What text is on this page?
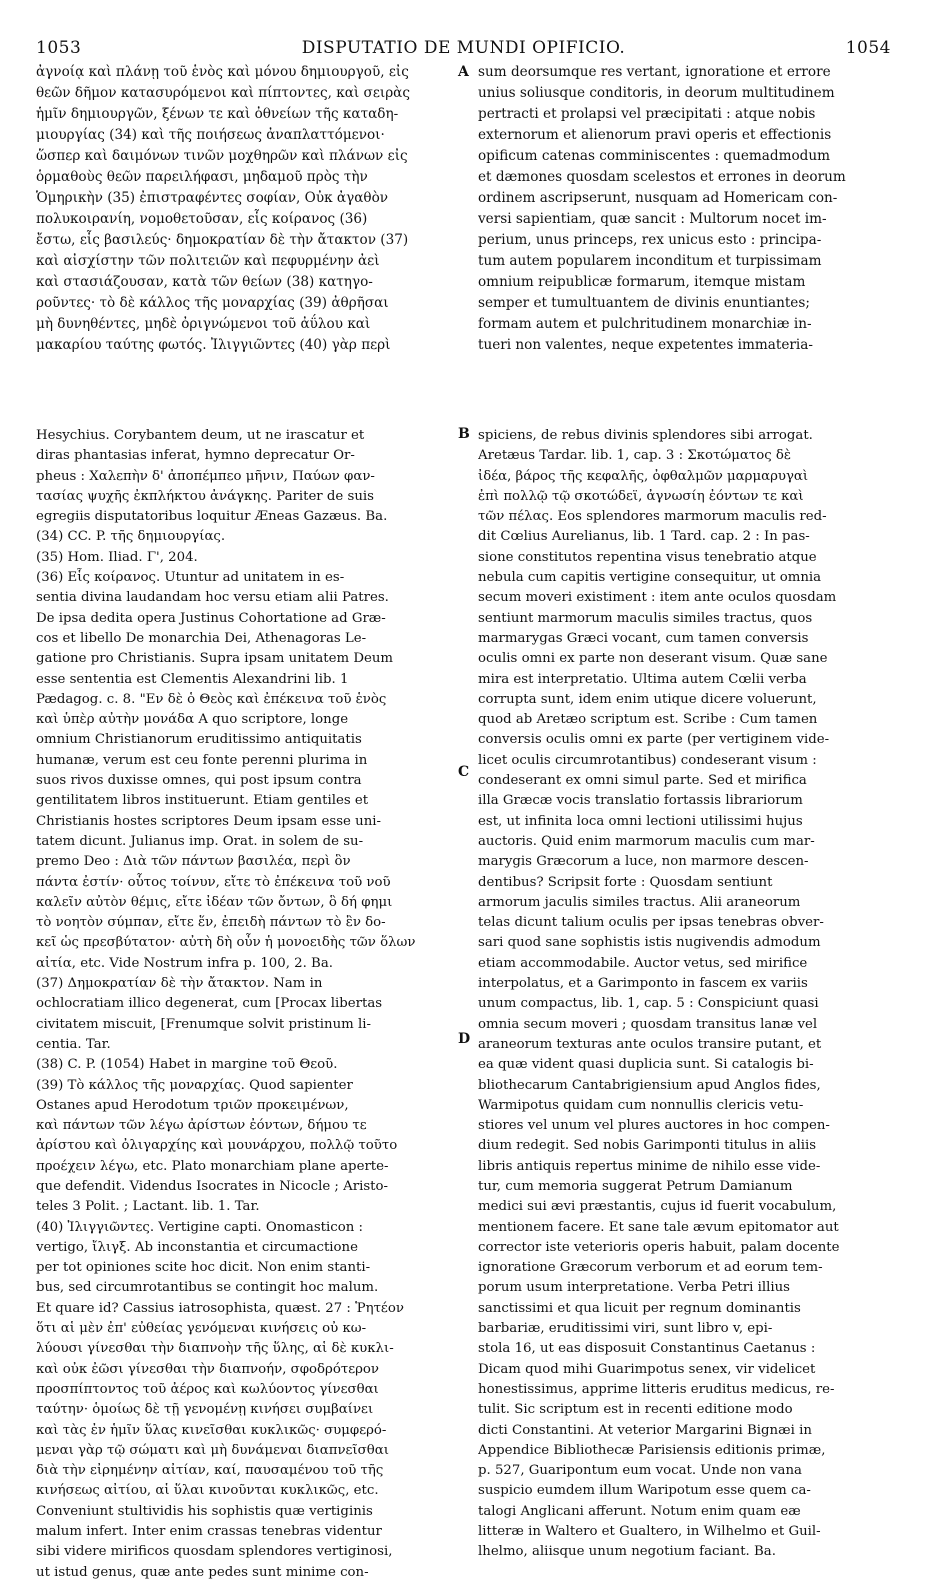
1053	DISPUTATIO DE MUNDI OPIFICIO.	1054
A
B
C
D
ἀγνοίᾳ καὶ πλάνῃ τοῦ ἑνὸς καὶ μόνου δημιουργοῦ, εἰς
θεῶν δῆμον κατασυρόμενοι καὶ πίπτοντες, καὶ σειρὰς
ἡμῖν δημιουργῶν, ξένων τε καὶ ὀθνείων τῆς καταδη-
μιουργίας (34) καὶ τῆς ποιήσεως ἀναπλαττόμενοι·
ὥσπερ καὶ δαιμόνων τινῶν μοχθηρῶν καὶ πλάνων εἰς
ὁρμαθοὺς θεῶν παρειλήφασι, μηδαμοῦ πρὸς τὴν
Ὁμηρικὴν (35) ἐπιστραφέντες σοφίαν, Οὐκ ἀγαθὸν
πολυκοιρανίη, νομοθετοῦσαν, εἷς κοίρανος (36)
ἔστω, εἷς βασιλεύς· δημοκρατίαν δὲ τὴν ἄτακτον (37)
καὶ αἰσχίστην τῶν πολιτειῶν καὶ πεφυρμένην ἀεὶ
καὶ στασιάζουσαν, κατὰ τῶν θείων (38) κατηγο-
ροῦντες· τὸ δὲ κάλλος τῆς μοναρχίας (39) ἀθρῆσαι
μὴ δυνηθέντες, μηδὲ ὀριγνώμενοι τοῦ ἀΰλου καὶ
μακαρίου ταύτης φωτός. Ἰλιγγιῶντες (40) γὰρ περὶ
sum deorsumque res vertant, ignoratione et errore
unius soliusque conditoris, in deorum multitudinem
pertracti et prolapsi vel præcipitati : atque nobis
externorum et alienorum pravi operis et effectionis
opificum catenas comminiscentes : quemadmodum
et dæmones quosdam scelestos et errones in deorum
ordinem ascripserunt, nusquam ad Homericam con-
versi sapientiam, quæ sancit : Multorum nocet im-
perium, unus princeps, rex unicus esto : principa-
tum autem popularem inconditum et turpissimam
omnium reipublicæ formarum, itemque mistam
semper et tumultuantem de divinis enuntiantes;
formam autem et pulchritudinem monarchiæ in-
tueri non valentes, neque expetentes immateria-
Hesychius. Corybantem deum, ut ne irascatur et
diras phantasias inferat, hymno deprecatur Or-
pheus : Χαλεπὴν δ' ἀποπέμπεο μῆνιν, Παύων φαν-
τασίας ψυχῆς ἐκπλήκτου ἀνάγκης. Pariter de suis
egregiis disputatoribus loquitur Æneas Gazæus. Ba.
(34) CC. P. τῆς δημιουργίας.
(35) Hom. Iliad. Γ', 204.
(36) Εἷς κοίρανος. Utuntur ad unitatem in es-
sentia divina laudandam hoc versu etiam alii Patres.
De ipsa dedita opera Justinus Cohortatione ad Græ-
cos et libello De monarchia Dei, Athenagoras Le-
gatione pro Christianis. Supra ipsam unitatem Deum
esse sententia est Clementis Alexandrini lib. 1
Pædagog. c. 8. "Εν δὲ ὁ Θεὸς καὶ ἐπέκεινα τοῦ ἑνὸς
καὶ ὑπὲρ αὐτὴν μονάδα A quo scriptore, longe
omnium Christianorum eruditissimo antiquitatis
humanæ, verum est ceu fonte perenni plurima in
suos rivos duxisse omnes, qui post ipsum contra
gentilitatem libros instituerunt. Etiam gentiles et
Christianis hostes scriptores Deum ipsam esse uni-
tatem dicunt. Julianus imp. Orat. in solem de su-
premo Deo : Διὰ τῶν πάντων βασιλέα, περὶ ὃν
πάντα ἐστίν· οὗτος τοίνυν, εἴτε τὸ ἐπέκεινα τοῦ νοῦ
καλεῖν αὐτὸν θέμις, εἴτε ἰδέαν τῶν ὄντων, ὃ δή φημι
τὸ νοητὸν σύμπαν, εἴτε ἕν, ἐπειδὴ πάντων τὸ ἓν δο-
κεῖ ὡς πρεσβύτατον· αὐτὴ δὴ οὖν ἡ μονοειδὴς τῶν ὅλων
αἰτία, etc. Vide Nostrum infra p. 100, 2. Ba.
(37) Δημοκρατίαν δὲ τὴν ἄτακτον. Nam in
ochlocratiam illico degenerat, cum [Procax libertas
civitatem miscuit, [Frenumque solvit pristinum li-
centia. Tar.
(38) C. P. (1054) Habet in margine τοῦ Θεοῦ.
(39) Τὸ κάλλος τῆς μοναρχίας. Quod sapienter
Ostanes apud Herodotum τριῶν προκειμένων,
καὶ πάντων τῶν λέγω ἀρίστων ἐόντων, δήμου τε
ἀρίστου καὶ ὀλιγαρχίης καὶ μουνάρχου, πολλῷ τοῦτο
προέχειν λέγω, etc. Plato monarchiam plane aperte-
que defendit. Videndus Isocrates in Nicocle ; Aristo-
teles 3 Polit. ; Lactant. lib. 1. Tar.
(40) Ἰλιγγιῶντες. Vertigine capti. Onomasticon :
vertigo, ἴλιγξ. Ab inconstantia et circumactione
per tot opiniones scite hoc dicit. Non enim stanti-
bus, sed circumrotantibus se contingit hoc malum.
Et quare id? Cassius iatrosophista, quæst. 27 : Ῥητέον
ὅτι αἱ μὲν ἐπ' εὐθείας γενόμεναι κινήσεις οὐ κω-
λύουσι γίνεσθαι τὴν διαπνοὴν τῆς ὕλης, αἱ δὲ κυκλι-
καὶ οὐκ ἐῶσι γίνεσθαι τὴν διαπνοήν, σφοδρότερον
προσπίπτοντος τοῦ ἀέρος καὶ κωλύοντος γίνεσθαι
ταύτην· ὁμοίως δὲ τῇ γενομένῃ κινήσει συμβαίνει
καὶ τὰς ἐν ἡμῖν ὕλας κινεῖσθαι κυκλικῶς· συμφερό-
μεναι γὰρ τῷ σώματι καὶ μὴ δυνάμεναι διαπνεῖσθαι
διὰ τὴν εἰρημένην αἰτίαν, καί, παυσαμένου τοῦ τῆς
κινήσεως αἰτίου, αἱ ὕλαι κινοῦνται κυκλικῶς, etc.
Conveniunt stultividis his sophistis quæ vertiginis
malum infert. Inter enim crassas tenebras videntur
sibi videre mirificos quosdam splendores vertiginosi,
ut istud genus, quæ ante pedes sunt minime con-
spiciens, de rebus divinis splendores sibi arrogat.
Aretæus Tardar. lib. 1, cap. 3 : Σκοτώματος δὲ
ἰδέα, βάρος τῆς κεφαλῆς, ὀφθαλμῶν μαρμαρυγαὶ
ἐπὶ πολλῷ τῷ σκοτώδεϊ, ἀγνωσίη ἐόντων τε καὶ
τῶν πέλας. Eos splendores marmorum maculis red-
dit Cœlius Aurelianus, lib. 1 Tard. cap. 2 : In pas-
sione constitutos repentina visus tenebratio atque
nebula cum capitis vertigine consequitur, ut omnia
secum moveri existiment : item ante oculos quosdam
sentiunt marmorum maculis similes tractus, quos
marmarygas Græci vocant, cum tamen conversis
oculis omni ex parte non deserant visum. Quæ sane
mira est interpretatio. Ultima autem Cœlii verba
corrupta sunt, idem enim utique dicere voluerunt,
quod ab Aretæo scriptum est. Scribe : Cum tamen
conversis oculis omni ex parte (per vertiginem vide-
licet oculis circumrotantibus) condeserant visum :
condeserant ex omni simul parte. Sed et mirifica
illa Græcæ vocis translatio fortassis librariorum
est, ut infinita loca omni lectioni utilissimi hujus
auctoris. Quid enim marmorum maculis cum mar-
marygis Græcorum a luce, non marmore descen-
dentibus? Scripsit forte : Quosdam sentiunt
armorum jaculis similes tractus. Alii araneorum
telas dicunt talium oculis per ipsas tenebras obver-
sari quod sane sophistis istis nugivendis admodum
etiam accommodabile. Auctor vetus, sed mirifice
interpolatus, et a Garimponto in fascem ex variis
unum compactus, lib. 1, cap. 5 : Conspiciunt quasi
omnia secum moveri ; quosdam transitus lanæ vel
araneorum texturas ante oculos transire putant, et
ea quæ vident quasi duplicia sunt. Si catalogis bi-
bliothecarum Cantabrigiensium apud Anglos fides,
Warmipotus quidam cum nonnullis clericis vetu-
stiores vel unum vel plures auctores in hoc compen-
dium redegit. Sed nobis Garimponti titulus in aliis
libris antiquis repertus minime de nihilo esse vide-
tur, cum memoria suggerat Petrum Damianum
medici sui ævi præstantis, cujus id fuerit vocabulum,
mentionem facere. Et sane tale ævum epitomator aut
corrector iste veterioris operis habuit, palam docente
ignoratione Græcorum verborum et ad eorum tem-
porum usum interpretatione. Verba Petri illius
sanctissimi et qua licuit per regnum dominantis
barbariæ, eruditissimi viri, sunt libro v, epi-
stola 16, ut eas disposuit Constantinus Caetanus :
Dicam quod mihi Guarimpotus senex, vir videlicet
honestissimus, apprime litteris eruditus medicus, re-
tulit. Sic scriptum est in recenti editione modo
dicti Constantini. At veterior Margarini Bignæi in
Appendice Bibliothecæ Parisiensis editionis primæ,
p. 527, Guaripontum eum vocat. Unde non vana
suspicio eumdem illum Waripotum esse quem ca-
talogi Anglicani afferunt. Notum enim quam eæ
litteræ in Waltero et Gualtero, in Wilhelmo et Guil-
lhelmo, aliisque unum negotium faciant. Ba.
